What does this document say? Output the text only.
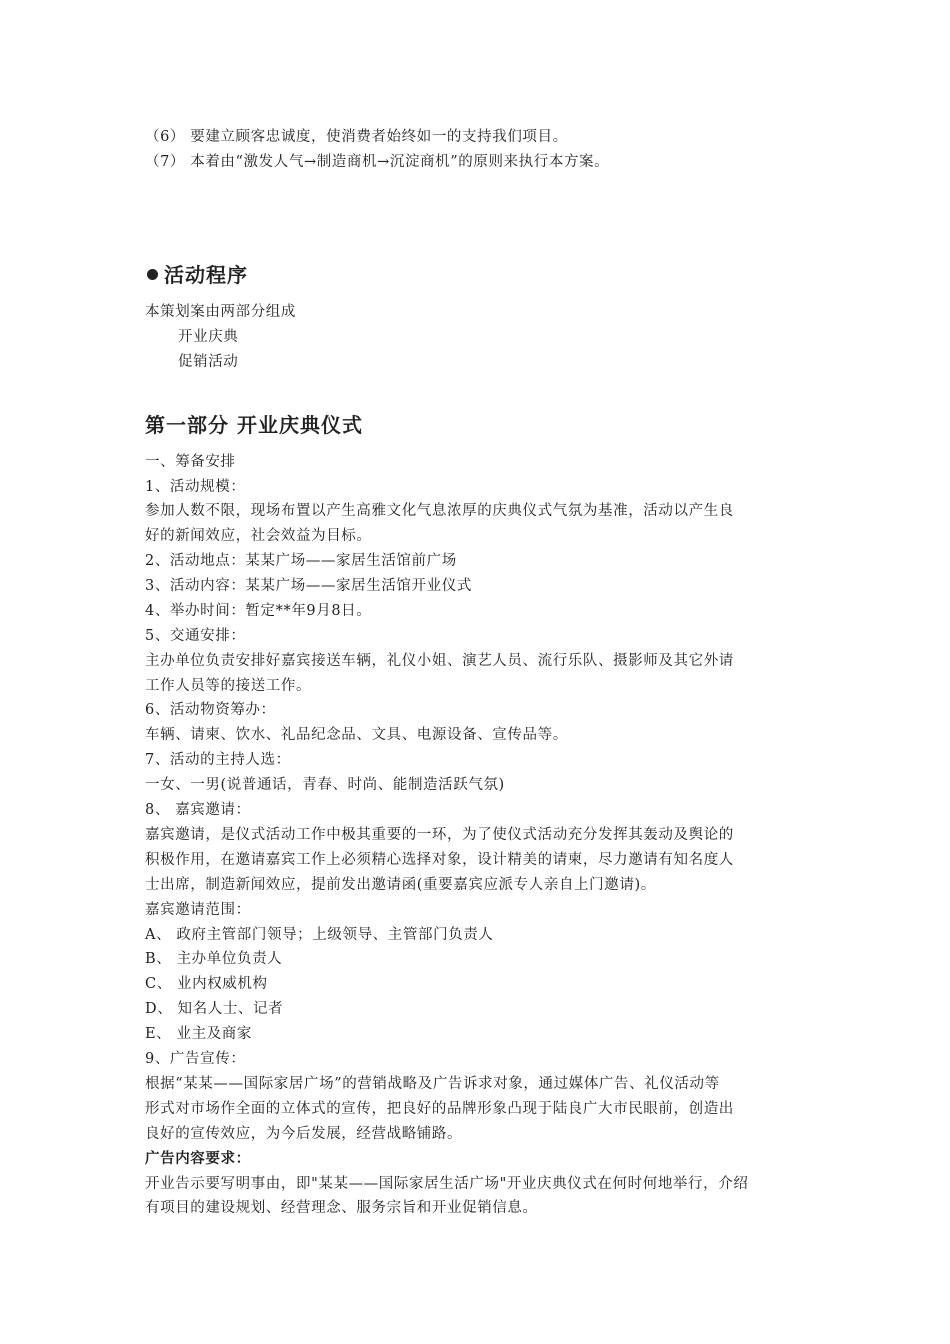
（6） 要建立顾客忠诚度，使消费者始终如一的支持我们项目。
（7） 本着由“激发人气→制造商机→沉淀商机”的原则来执行本方案。
活动程序
本策划案由两部分组成
开业庆典
促销活动
第一部分 开业庆典仪式
一、筹备安排
1、活动规模：
参加人数不限，现场布置以产生高雅文化气息浓厚的庆典仪式气氛为基准，活动以产生良
好的新闻效应，社会效益为目标。
2、活动地点：某某广场——家居生活馆前广场
3、活动内容：某某广场——家居生活馆开业仪式
4、举办时间：暂定**年9月8日。
5、交通安排：
主办单位负责安排好嘉宾接送车辆，礼仪小姐、演艺人员、流行乐队、摄影师及其它外请
工作人员等的接送工作。
6、活动物资筹办：
车辆、请柬、饮水、礼品纪念品、文具、电源设备、宣传品等。
7、活动的主持人选：
一女、一男(说普通话，青春、时尚、能制造活跃气氛)
8、 嘉宾邀请：
嘉宾邀请，是仪式活动工作中极其重要的一环，为了使仪式活动充分发挥其轰动及舆论的
积极作用，在邀请嘉宾工作上必须精心选择对象，设计精美的请柬，尽力邀请有知名度人
士出席，制造新闻效应，提前发出邀请函(重要嘉宾应派专人亲自上门邀请)。
嘉宾邀请范围：
A、 政府主管部门领导；上级领导、主管部门负责人
B、 主办单位负责人
C、 业内权威机构
D、 知名人士、记者
E、 业主及商家
9、广告宣传：
根据“某某——国际家居广场”的营销战略及广告诉求对象，通过媒体广告、礼仪活动等
形式对市场作全面的立体式的宣传，把良好的品牌形象凸现于陆良广大市民眼前，创造出
良好的宣传效应，为今后发展，经营战略铺路。
广告内容要求：
开业告示要写明事由，即"某某——国际家居生活广场"开业庆典仪式在何时何地举行，介绍
有项目的建设规划、经营理念、服务宗旨和开业促销信息。
